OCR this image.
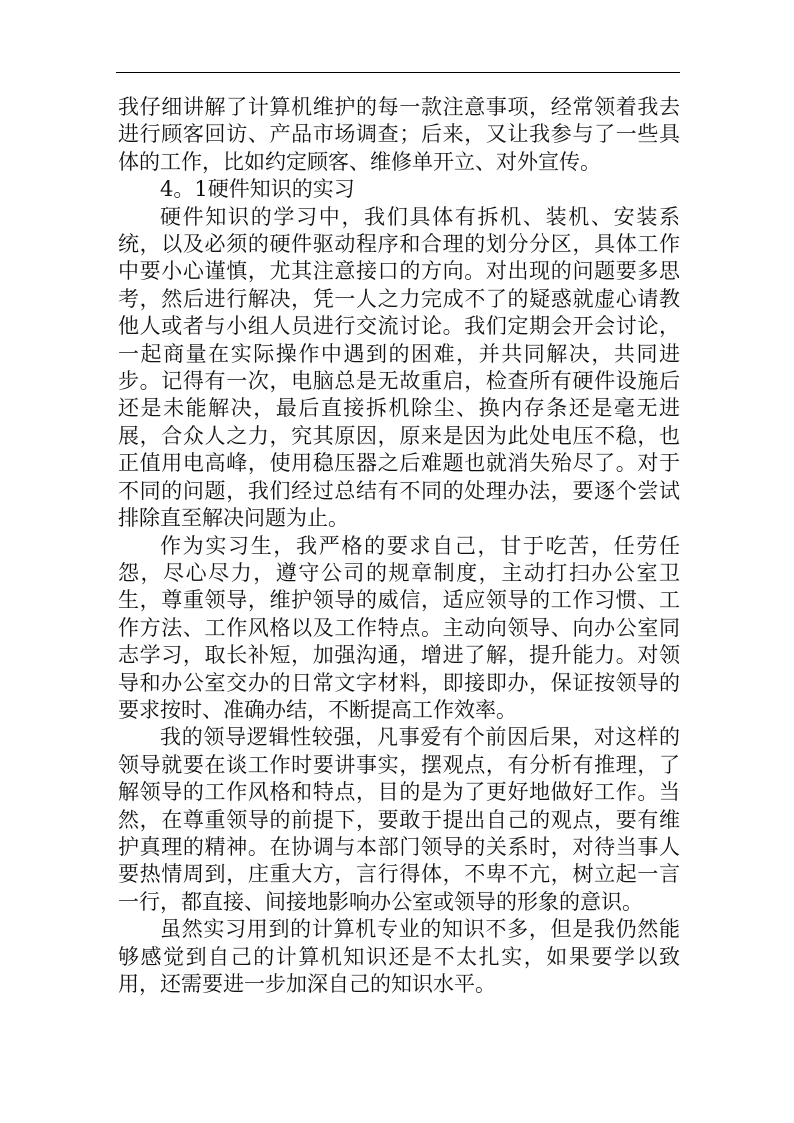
我仔细讲解了计算机维护的每一款注意事项，经常领着我去进行顾客回访、产品市场调查；后来，又让我参与了一些具体的工作，比如约定顾客、维修单开立、对外宣传。

4。1硬件知识的实习

硬件知识的学习中，我们具体有拆机、装机、安装系统，以及必须的硬件驱动程序和合理的划分分区，具体工作中要小心谨慎，尤其注意接口的方向。对出现的问题要多思考，然后进行解决，凭一人之力完成不了的疑惑就虚心请教他人或者与小组人员进行交流讨论。我们定期会开会讨论，一起商量在实际操作中遇到的困难，并共同解决，共同进步。记得有一次，电脑总是无故重启，检查所有硬件设施后还是未能解决，最后直接拆机除尘、换内存条还是毫无进展，合众人之力，究其原因，原来是因为此处电压不稳，也正值用电高峰，使用稳压器之后难题也就消失殆尽了。对于不同的问题，我们经过总结有不同的处理办法，要逐个尝试排除直至解决问题为止。

作为实习生，我严格的要求自己，甘于吃苦，任劳任怨，尽心尽力，遵守公司的规章制度，主动打扫办公室卫生，尊重领导，维护领导的威信，适应领导的工作习惯、工作方法、工作风格以及工作特点。主动向领导、向办公室同志学习，取长补短，加强沟通，增进了解，提升能力。对领导和办公室交办的日常文字材料，即接即办，保证按领导的要求按时、准确办结，不断提高工作效率。

我的领导逻辑性较强，凡事爱有个前因后果，对这样的领导就要在谈工作时要讲事实，摆观点，有分析有推理，了解领导的工作风格和特点，目的是为了更好地做好工作。当然，在尊重领导的前提下，要敢于提出自己的观点，要有维护真理的精神。在协调与本部门领导的关系时，对待当事人要热情周到，庄重大方，言行得体，不卑不亢，树立起一言一行，都直接、间接地影响办公室或领导的形象的意识。

虽然实习用到的计算机专业的知识不多，但是我仍然能够感觉到自己的计算机知识还是不太扎实，如果要学以致用，还需要进一步加深自己的知识水平。
